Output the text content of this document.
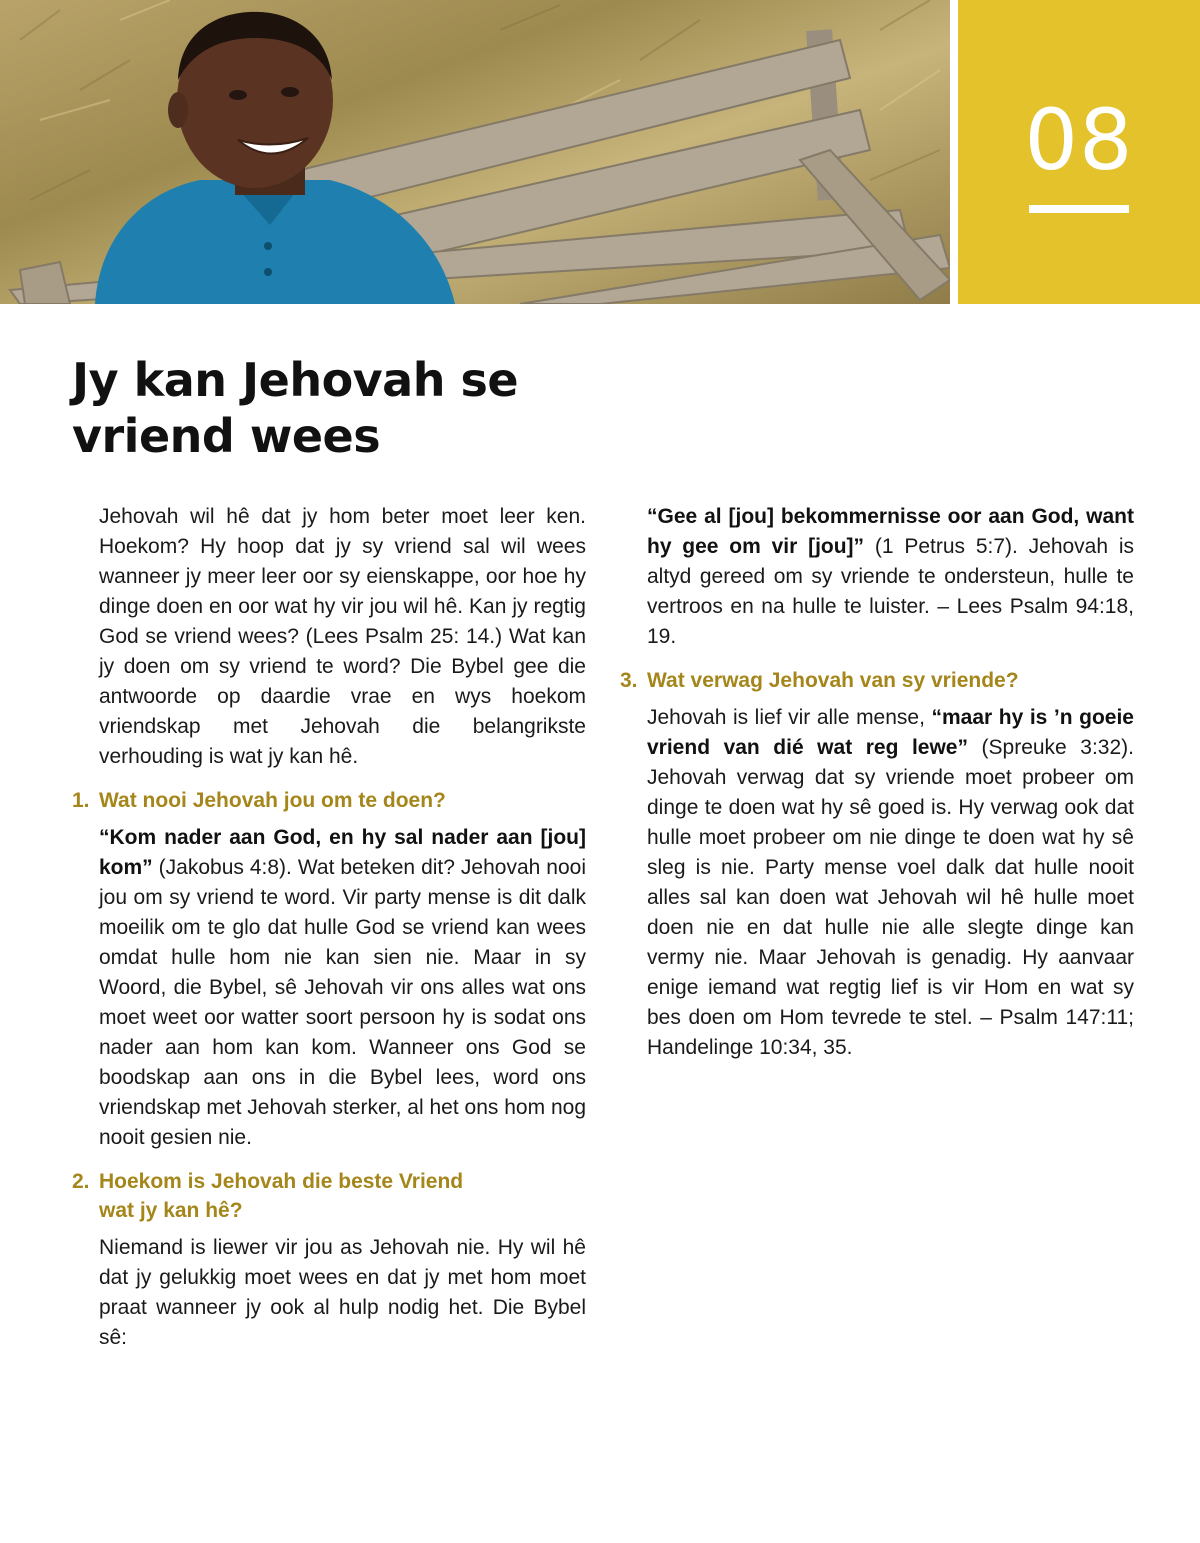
08
Jy kan Jehovah se vriend wees

Jehovah wil hê dat jy hom beter moet leer ken. Hoekom? Hy hoop dat jy sy vriend sal wil wees wanneer jy meer leer oor sy eienskappe, oor hoe hy dinge doen en oor wat hy vir jou wil hê. Kan jy regtig God se vriend wees? (Lees Psalm 25: 14.) Wat kan jy doen om sy vriend te word? Die Bybel gee die antwoorde op daardie vrae en wys hoekom vriendskap met Jehovah die belangrikste verhouding is wat jy kan hê.

1. Wat nooi Jehovah jou om te doen?

“Kom nader aan God, en hy sal nader aan [jou] kom” (Jakobus 4:8). Wat beteken dit? Jehovah nooi jou om sy vriend te word. Vir party mense is dit dalk moeilik om te glo dat hulle God se vriend kan wees omdat hulle hom nie kan sien nie. Maar in sy Woord, die Bybel, sê Jehovah vir ons alles wat ons moet weet oor watter soort persoon hy is sodat ons nader aan hom kan kom. Wanneer ons God se boodskap aan ons in die Bybel lees, word ons vriendskap met Jehovah sterker, al het ons hom nog nooit gesien nie.

2. Hoekom is Jehovah die beste Vriend wat jy kan hê?

Niemand is liewer vir jou as Jehovah nie. Hy wil hê dat jy gelukkig moet wees en dat jy met hom moet praat wanneer jy ook al hulp nodig het. Die Bybel sê:

“Gee al [jou] bekommernisse oor aan God, want hy gee om vir [jou]” (1 Petrus 5:7). Jehovah is altyd gereed om sy vriende te ondersteun, hulle te vertroos en na hulle te luister. – Lees Psalm 94:18, 19.

3. Wat verwag Jehovah van sy vriende?

Jehovah is lief vir alle mense, “maar hy is ’n goeie vriend van dié wat reg lewe” (Spreuke 3:32). Jehovah verwag dat sy vriende moet probeer om dinge te doen wat hy sê goed is. Hy verwag ook dat hulle moet probeer om nie dinge te doen wat hy sê sleg is nie. Party mense voel dalk dat hulle nooit alles sal kan doen wat Jehovah wil hê hulle moet doen nie en dat hulle nie alle slegte dinge kan vermy nie. Maar Jehovah is genadig. Hy aanvaar enige iemand wat regtig lief is vir Hom en wat sy bes doen om Hom tevrede te stel. – Psalm 147:11; Handelinge 10:34, 35.
